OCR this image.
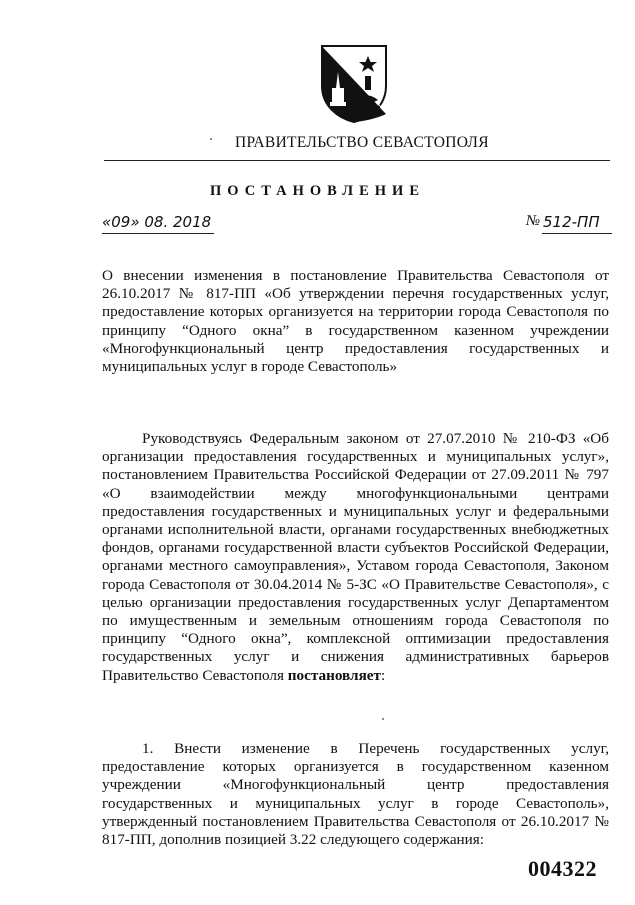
ПРАВИТЕЛЬСТВО СЕВАСТОПОЛЯ
ПОСТАНОВЛЕНИЕ
«09» 08. 2018	№ 512-ПП

О внесении изменения в постановление Правительства Севастополя от 26.10.2017 № 817-ПП «Об утверждении перечня государственных услуг, предоставление которых организуется на территории города Севастополя по принципу “Одного окна” в государственном казенном учреждении «Многофункциональный центр предоставления государственных и муниципальных услуг в городе Севастополь»

Руководствуясь Федеральным законом от 27.07.2010 № 210-ФЗ «Об организации предоставления государственных и муниципальных услуг», постановлением Правительства Российской Федерации от 27.09.2011 № 797 «О взаимодействии между многофункциональными центрами предоставления государственных и муниципальных услуг и федеральными органами исполнительной власти, органами государственных внебюджетных фондов, органами государственной власти субъектов Российской Федерации, органами местного самоуправления», Уставом города Севастополя, Законом города Севастополя от 30.04.2014 № 5-ЗС «О Правительстве Севастополя», с целью организации предоставления государственных услуг Департаментом по имущественным и земельным отношениям города Севастополя по принципу “Одного окна”, комплексной оптимизации предоставления государственных услуг и снижения административных барьеров Правительство Севастополя постановляет:

1. Внести изменение в Перечень государственных услуг, предоставление которых организуется в государственном казенном учреждении «Многофункциональный центр предоставления государственных и муниципальных услуг в городе Севастополь», утвержденный постановлением Правительства Севастополя от 26.10.2017 № 817-ПП, дополнив позицией 3.22 следующего содержания:

004322
